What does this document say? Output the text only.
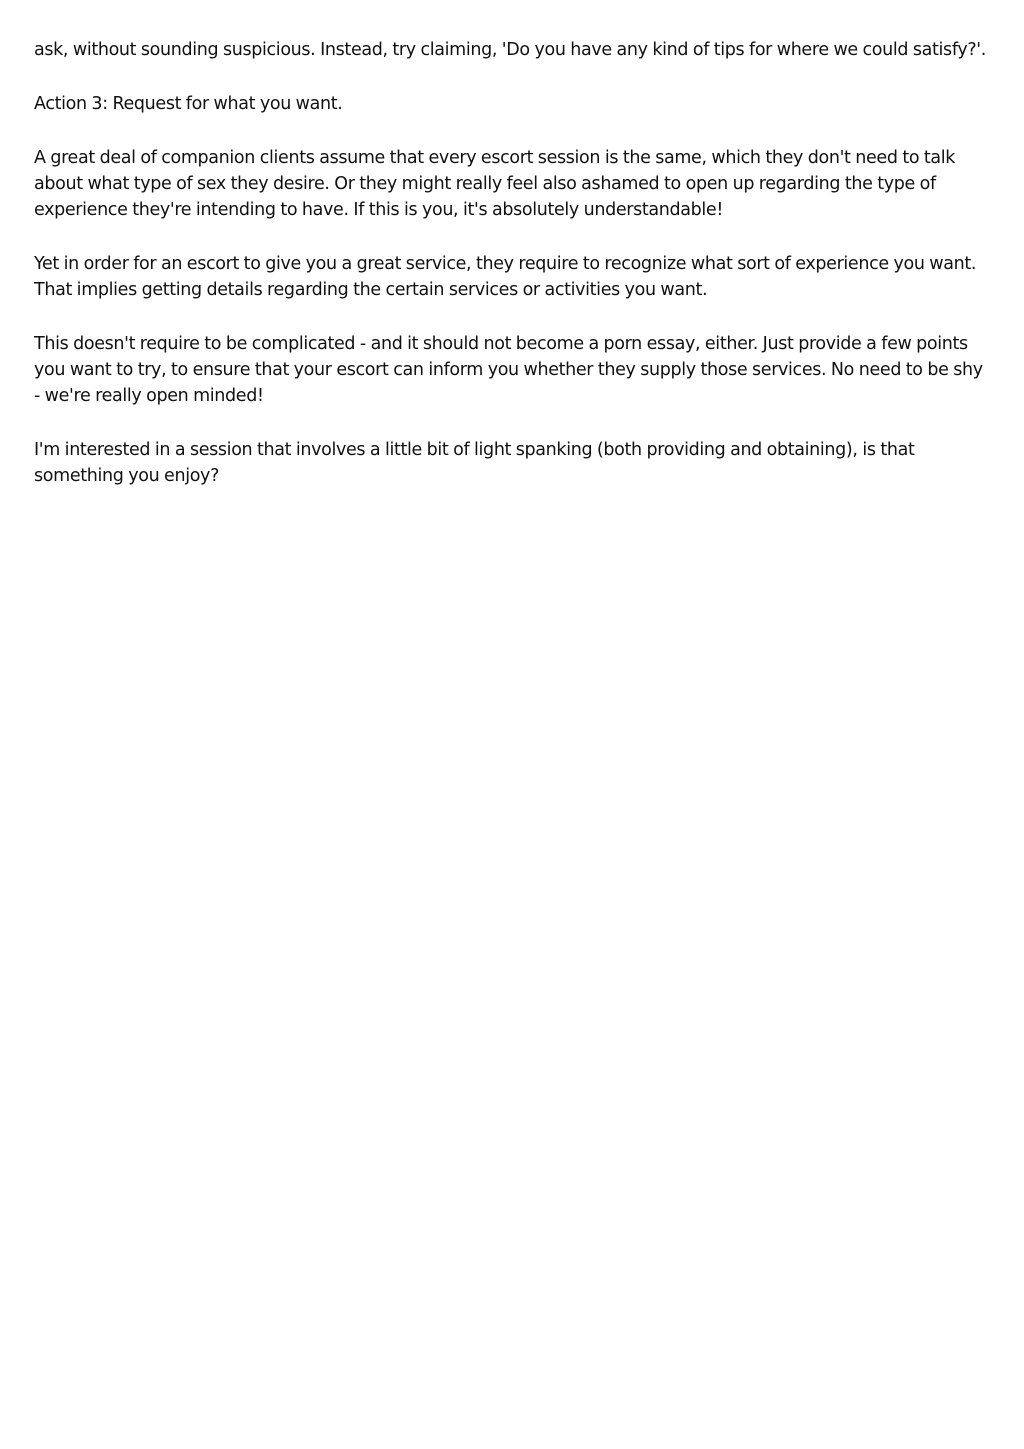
ask, without sounding suspicious. Instead, try claiming, 'Do you have any kind of tips for where we could satisfy?'.

Action 3: Request for what you want.

A great deal of companion clients assume that every escort session is the same, which they don't need to talk about what type of sex they desire. Or they might really feel also ashamed to open up regarding the type of experience they're intending to have. If this is you, it's absolutely understandable!

Yet in order for an escort to give you a great service, they require to recognize what sort of experience you want. That implies getting details regarding the certain services or activities you want.

This doesn't require to be complicated - and it should not become a porn essay, either. Just provide a few points you want to try, to ensure that your escort can inform you whether they supply those services. No need to be shy - we're really open minded!

I'm interested in a session that involves a little bit of light spanking (both providing and obtaining), is that something you enjoy?
